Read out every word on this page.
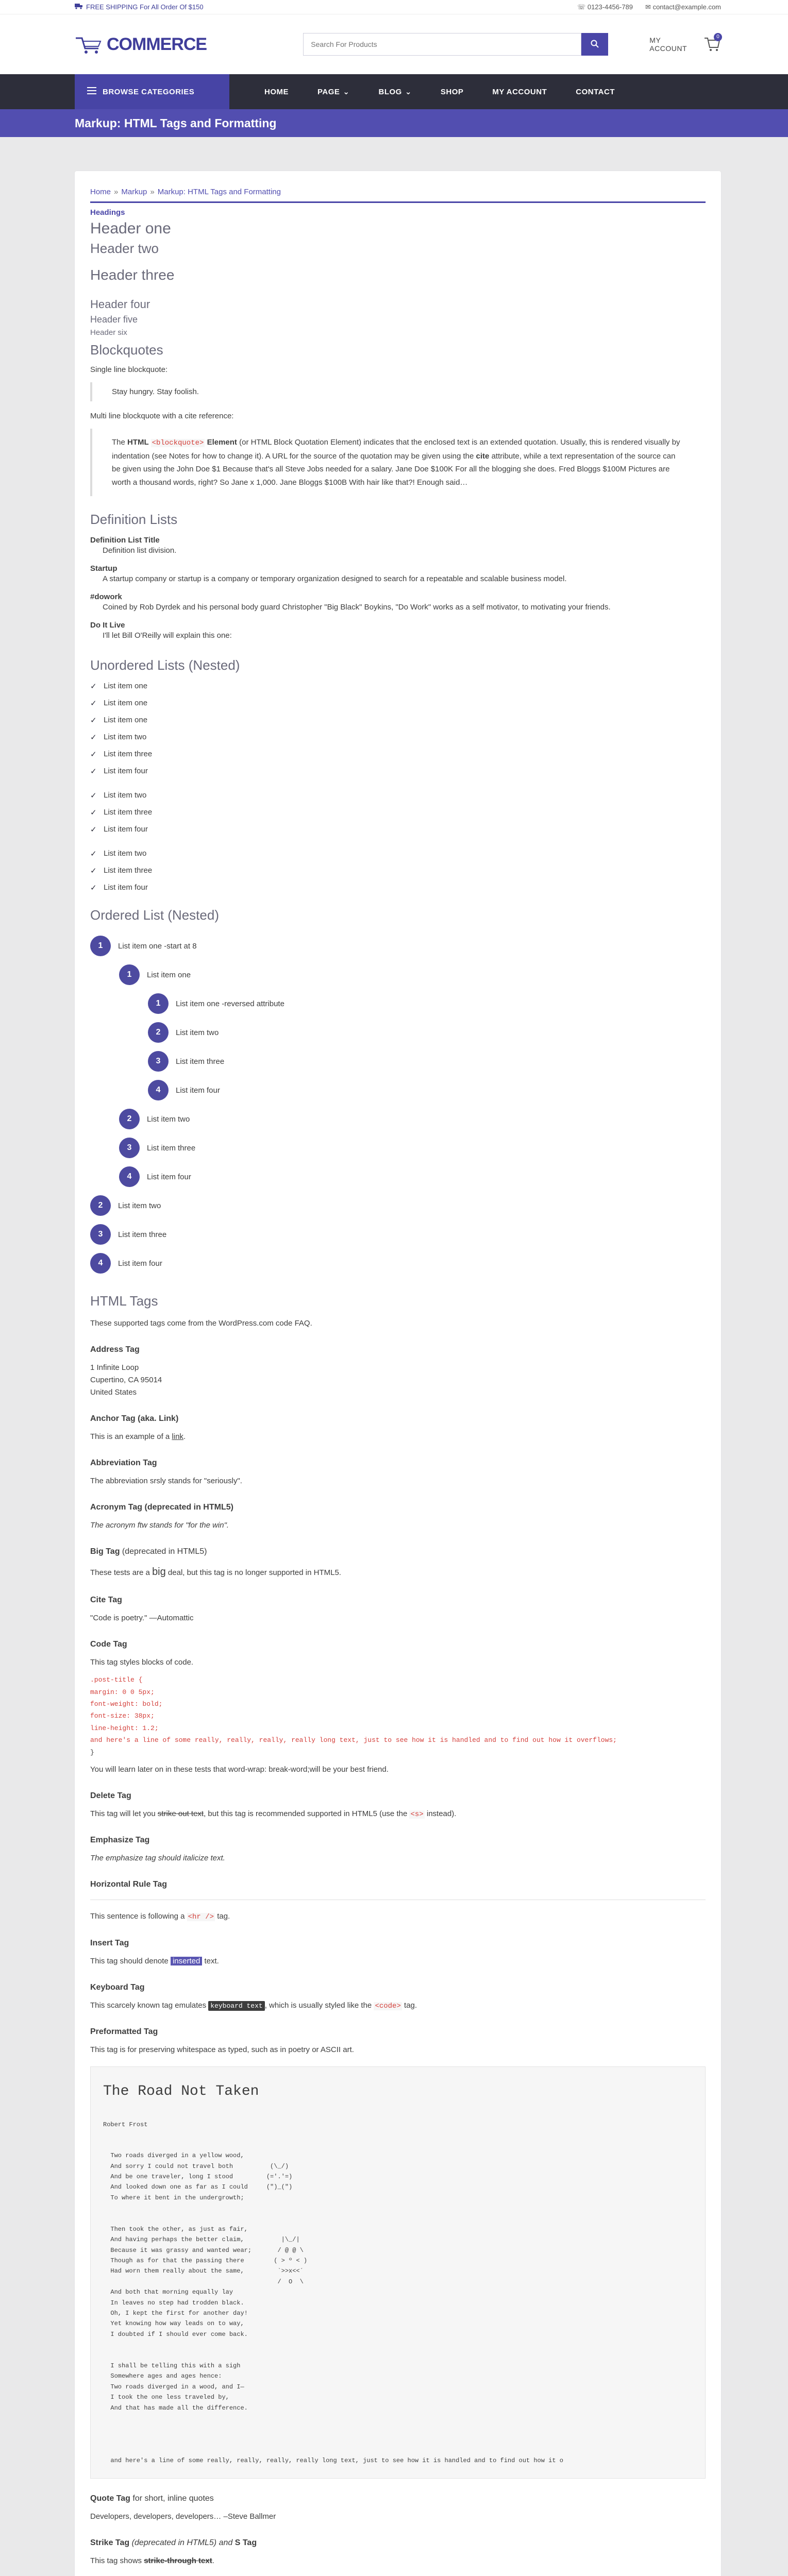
FREE SHIPPING For All Order Of $150	☏ 0123-4456-789 ✉ contact@example.com
COMMERCE
Search For Products	MY ACCOUNT
0
BROWSE CATEGORIES	HOME	PAGE ⌄	BLOG ⌄	SHOP	MY ACCOUNT	CONTACT
Markup: HTML Tags and Formatting
Home » Markup » Markup: HTML Tags and Formatting
Headings
Header one
Header two
Header three
Header four
Header five
Header six
Blockquotes

Single line blockquote:

Stay hungry. Stay foolish.

Multi line blockquote with a cite reference:

The HTML <blockquote> Element (or HTML Block Quotation Element) indicates that the enclosed text is an extended quotation. Usually, this is rendered visually by indentation (see Notes for how to change it). A URL for the source of the quotation may be given using the cite attribute, while a text representation of the source can be given using the John Doe $1 Because that's all Steve Jobs needed for a salary. Jane Doe $100K For all the blogging she does. Fred Bloggs $100M Pictures are worth a thousand words, right? So Jane x 1,000. Jane Bloggs $100B With hair like that?! Enough said…

Definition Lists
Definition List Title
Definition list division.
Startup
A startup company or startup is a company or temporary organization designed to search for a repeatable and scalable business model.
#dowork
Coined by Rob Dyrdek and his personal body guard Christopher "Big Black" Boykins, "Do Work" works as a self motivator, to motivating your friends.
Do It Live
I'll let Bill O'Reilly will explain this one:
Unordered Lists (Nested)
✓ List item one
✓ List item one
✓ List item one
✓ List item two
✓ List item three
✓ List item four
✓ List item two
✓ List item three
✓ List item four
✓ List item two
✓ List item three
✓ List item four
Ordered List (Nested)
1	List item one -start at 8
1	List item one
1	List item one -reversed attribute
2	List item two
3	List item three
4	List item four
2	List item two
3	List item three
4	List item four
2	List item two
3	List item three
4	List item four
HTML Tags

These supported tags come from the WordPress.com code FAQ.

Address Tag

1 Infinite Loop
Cupertino, CA 95014
United States

Anchor Tag (aka. Link)

This is an example of a link.

Abbreviation Tag

The abbreviation srsly stands for "seriously".

Acronym Tag (deprecated in HTML5)

The acronym ftw stands for "for the win".

Big Tag (deprecated in HTML5)

These tests are a big deal, but this tag is no longer supported in HTML5.

Cite Tag

"Code is poetry." —Automattic

Code Tag

This tag styles blocks of code.

.post-title {
margin: 0 0 5px;
font-weight: bold;
font-size: 38px;
line-height: 1.2;
and here's a line of some really, really, really, really long text, just to see how it is handled and to find out how it overflows;
}

You will learn later on in these tests that word-wrap: break-word;will be your best friend.

Delete Tag

This tag will let you strike out text, but this tag is recommended supported in HTML5 (use the <s> instead).

Emphasize Tag

The emphasize tag should italicize text.

Horizontal Rule Tag

This sentence is following a <hr /> tag.

Insert Tag

This tag should denote inserted text.

Keyboard Tag

This scarcely known tag emulates keyboard text , which is usually styled like the <code> tag.

Preformatted Tag

This tag is for preserving whitespace as typed, such as in poetry or ASCII art.

The Road Not Taken
Robert Frost
Two roads diverged in a yellow wood,
And sorry I could not travel both          (\_/)
And be one traveler, long I stood         (='.'=)
And looked down one as far as I could     (")_(")
To where it bent in the undergrowth;

Then took the other, as just as fair,
And having perhaps the better claim,          |\_/|
Because it was grassy and wanted wear;       / @ @ \
Though as for that the passing there        ( > º < )
Had worn them really about the same,         `>>x<<´
/  O  \
And both that morning equally lay
In leaves no step had trodden black.
Oh, I kept the first for another day!
Yet knowing how way leads on to way,
I doubted if I should ever come back.

I shall be telling this with a sigh
Somewhere ages and ages hence:
Two roads diverged in a wood, and I—
I took the one less traveled by,
And that has made all the difference.

and here's a line of some really, really, really, really long text, just to see how it is handled and to find out how it o
Quote Tag for short, inline quotes

Developers, developers, developers… –Steve Ballmer

Strike Tag (deprecated in HTML5) and S Tag

This tag shows strike-through text.
